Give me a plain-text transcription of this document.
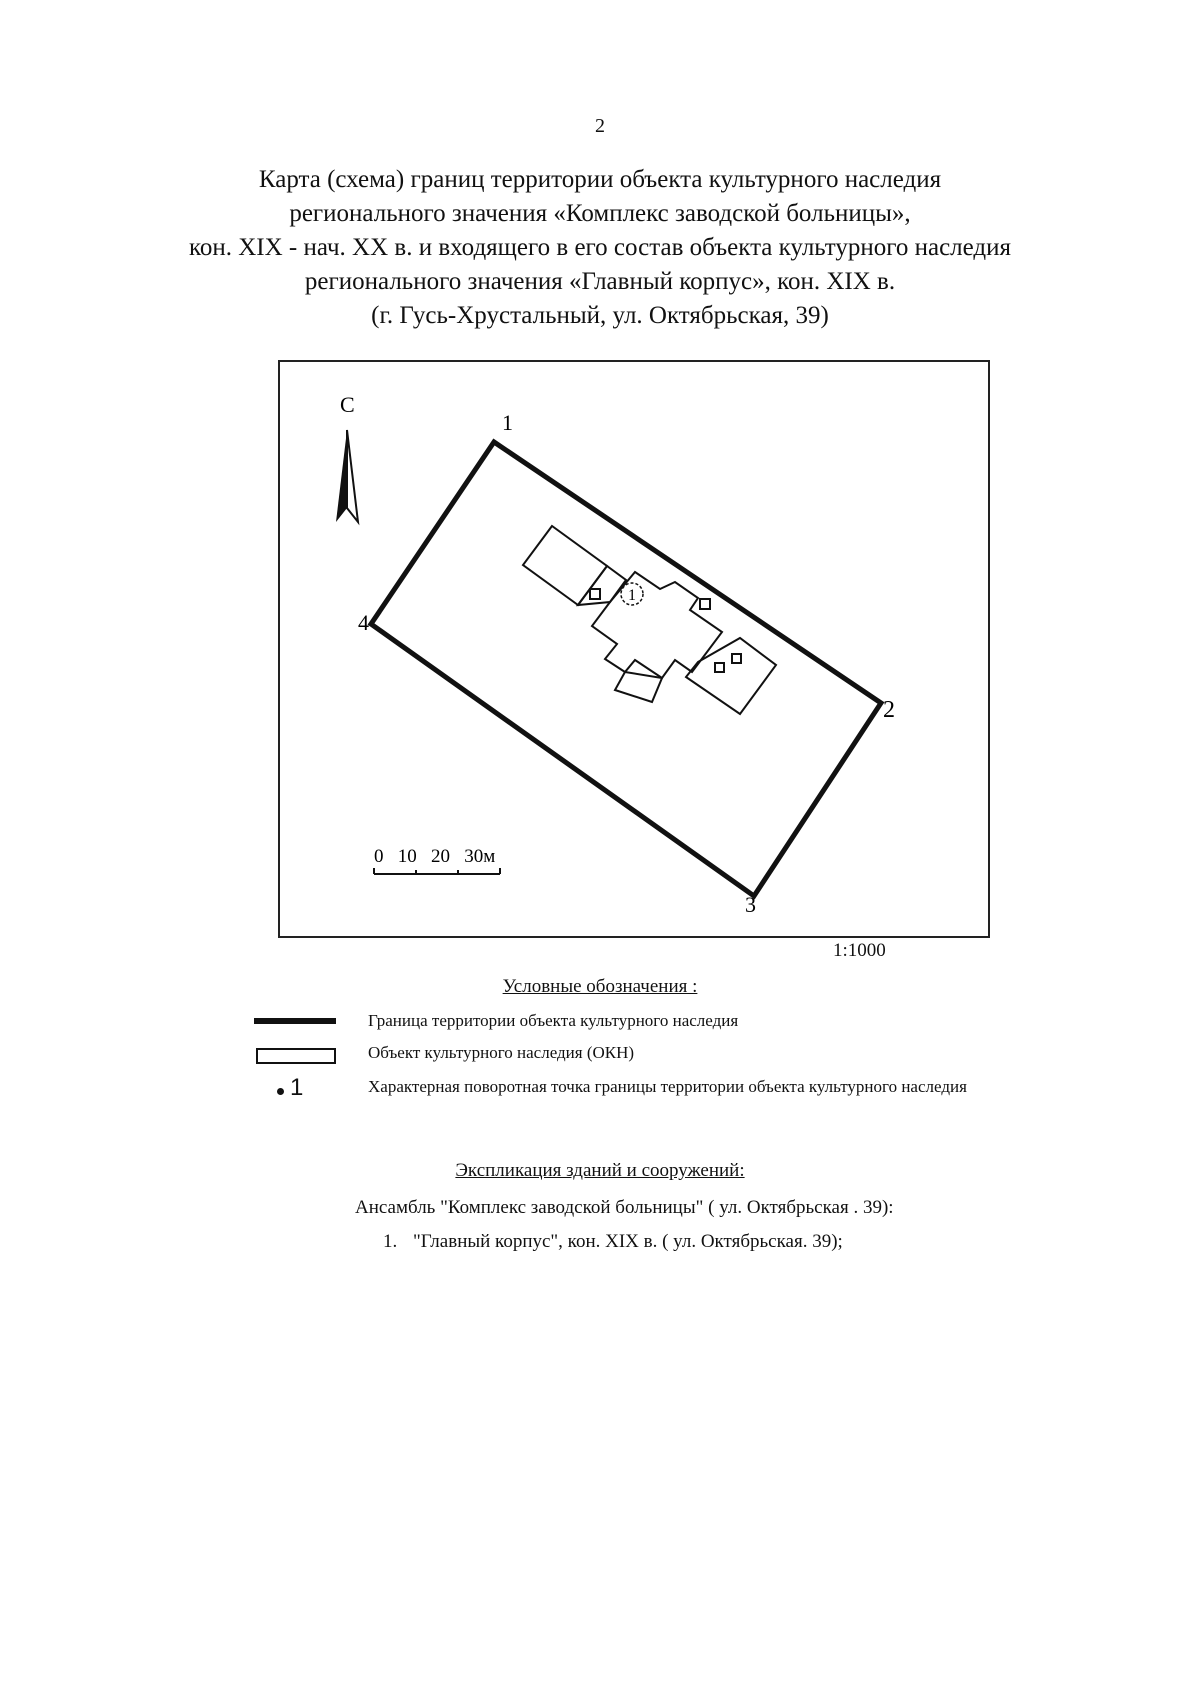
2
Карта (схема) границ территории объекта культурного наследия
регионального значения «Комплекс заводской больницы»,
кон. XIX - нач. XX в. и входящего в его состав объекта культурного наследия
регионального значения «Главный корпус», кон. XIX в.
(г. Гусь-Хрустальный, ул. Октябрьская, 39)
С
1
2
3
4
1
0   10   20   30м
1:1000
Условные обозначения :
Граница территории объекта культурного наследия
Объект культурного наследия (ОКН)
1	Характерная поворотная точка границы территории объекта культурного наследия
Экспликация зданий и сооружений:
Ансамбль "Комплекс заводской больницы" ( ул. Октябрьская . 39):
1. "Главный корпус", кон. XIX в. ( ул. Октябрьская. 39);
